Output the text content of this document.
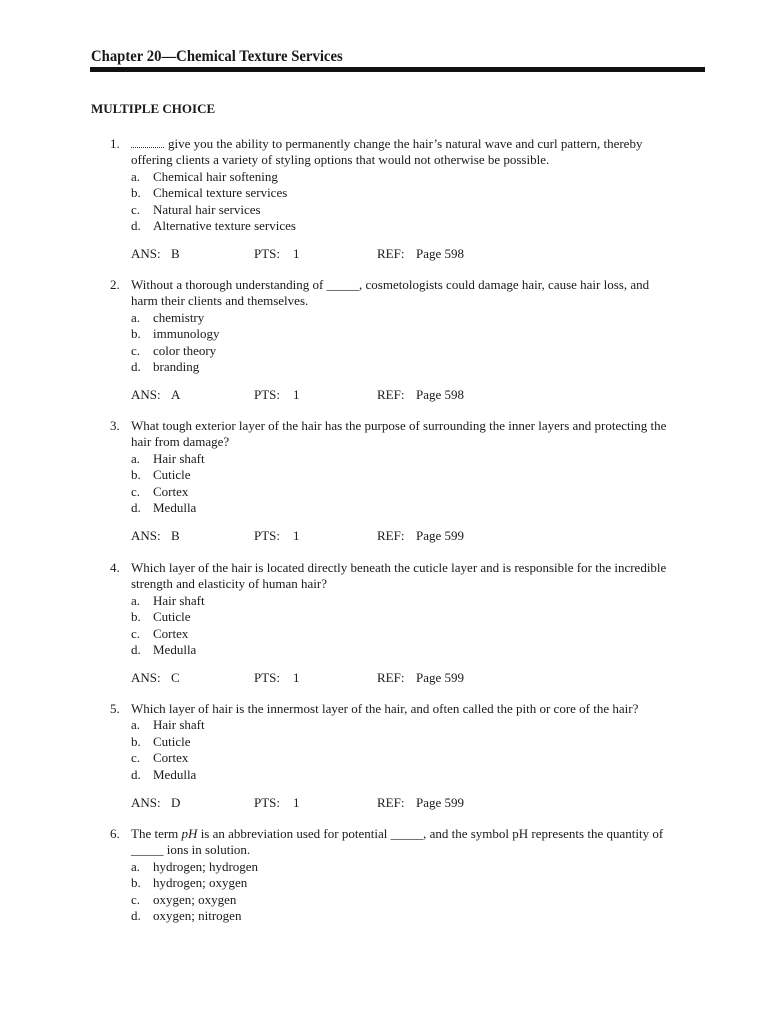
Chapter 20—Chemical Texture Services
MULTIPLE CHOICE
1.	give you the ability to permanently change the hair’s natural wave and curl pattern, thereby
offering clients a variety of styling options that would not otherwise be possible.
a. Chemical hair softening
b. Chemical texture services
c. Natural hair services
d. Alternative texture services
ANS: B	PTS: 1	REF: Page 598
2. Without a thorough understanding of _____, cosmetologists could damage hair, cause hair loss, and
harm their clients and themselves.
a. chemistry
b. immunology
c. color theory
d. branding
ANS: A	PTS: 1	REF: Page 598
3. What tough exterior layer of the hair has the purpose of surrounding the inner layers and protecting the
hair from damage?
a. Hair shaft
b. Cuticle
c. Cortex
d. Medulla
ANS: B	PTS: 1	REF: Page 599
4. Which layer of the hair is located directly beneath the cuticle layer and is responsible for the incredible
strength and elasticity of human hair?
a. Hair shaft
b. Cuticle
c. Cortex
d. Medulla
ANS: C	PTS: 1	REF: Page 599
5. Which layer of hair is the innermost layer of the hair, and often called the pith or core of the hair?
a. Hair shaft
b. Cuticle
c. Cortex
d. Medulla
ANS: D	PTS: 1	REF: Page 599
6. The term pH is an abbreviation used for potential _____, and the symbol pH represents the quantity of
_____ ions in solution.
a. hydrogen; hydrogen
b. hydrogen; oxygen
c. oxygen; oxygen
d. oxygen; nitrogen
